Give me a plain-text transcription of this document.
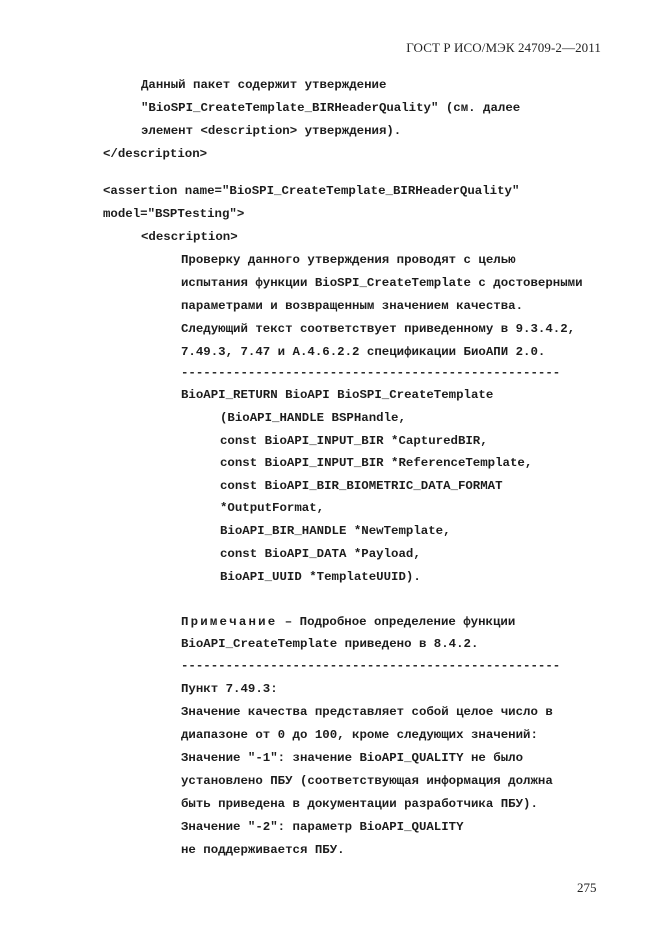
ГОСТ Р ИСО/МЭК 24709-2—2011

Данный пакет содержит утверждение

"BioSPI_CreateTemplate_BIRHeaderQuality" (см. далее

элемент <description> утверждения).

</description>

<assertion name="BioSPI_CreateTemplate_BIRHeaderQuality"

model="BSPTesting">

<description>

Проверку данного утверждения проводят с целью

испытания функции BioSPI_CreateTemplate с достоверными

параметрами и возвращенным значением качества.

Следующий текст соответствует приведенному в 9.3.4.2,

7.49.3, 7.47 и А.4.6.2.2 спецификации БиоАПИ 2.0.

---------------------------------------------------

BioAPI_RETURN BioAPI BioSPI_CreateTemplate

(BioAPI_HANDLE BSPHandle,

const BioAPI_INPUT_BIR *CapturedBIR,

const BioAPI_INPUT_BIR *ReferenceTemplate,

const BioAPI_BIR_BIOMETRIC_DATA_FORMAT

*OutputFormat,

BioAPI_BIR_HANDLE *NewTemplate,

const BioAPI_DATA *Payload,

BioAPI_UUID *TemplateUUID).

Примечание – Подробное определение функции

BioAPI_CreateTemplate приведено в 8.4.2.

---------------------------------------------------

Пункт 7.49.3:

Значение качества представляет собой целое число в

диапазоне от 0 до 100, кроме следующих значений:

Значение "-1": значение BioAPI_QUALITY не было

установлено ПБУ (соответствующая информация должна

быть приведена в документации разработчика ПБУ).

Значение "-2": параметр BioAPI_QUALITY

не поддерживается ПБУ.

275
